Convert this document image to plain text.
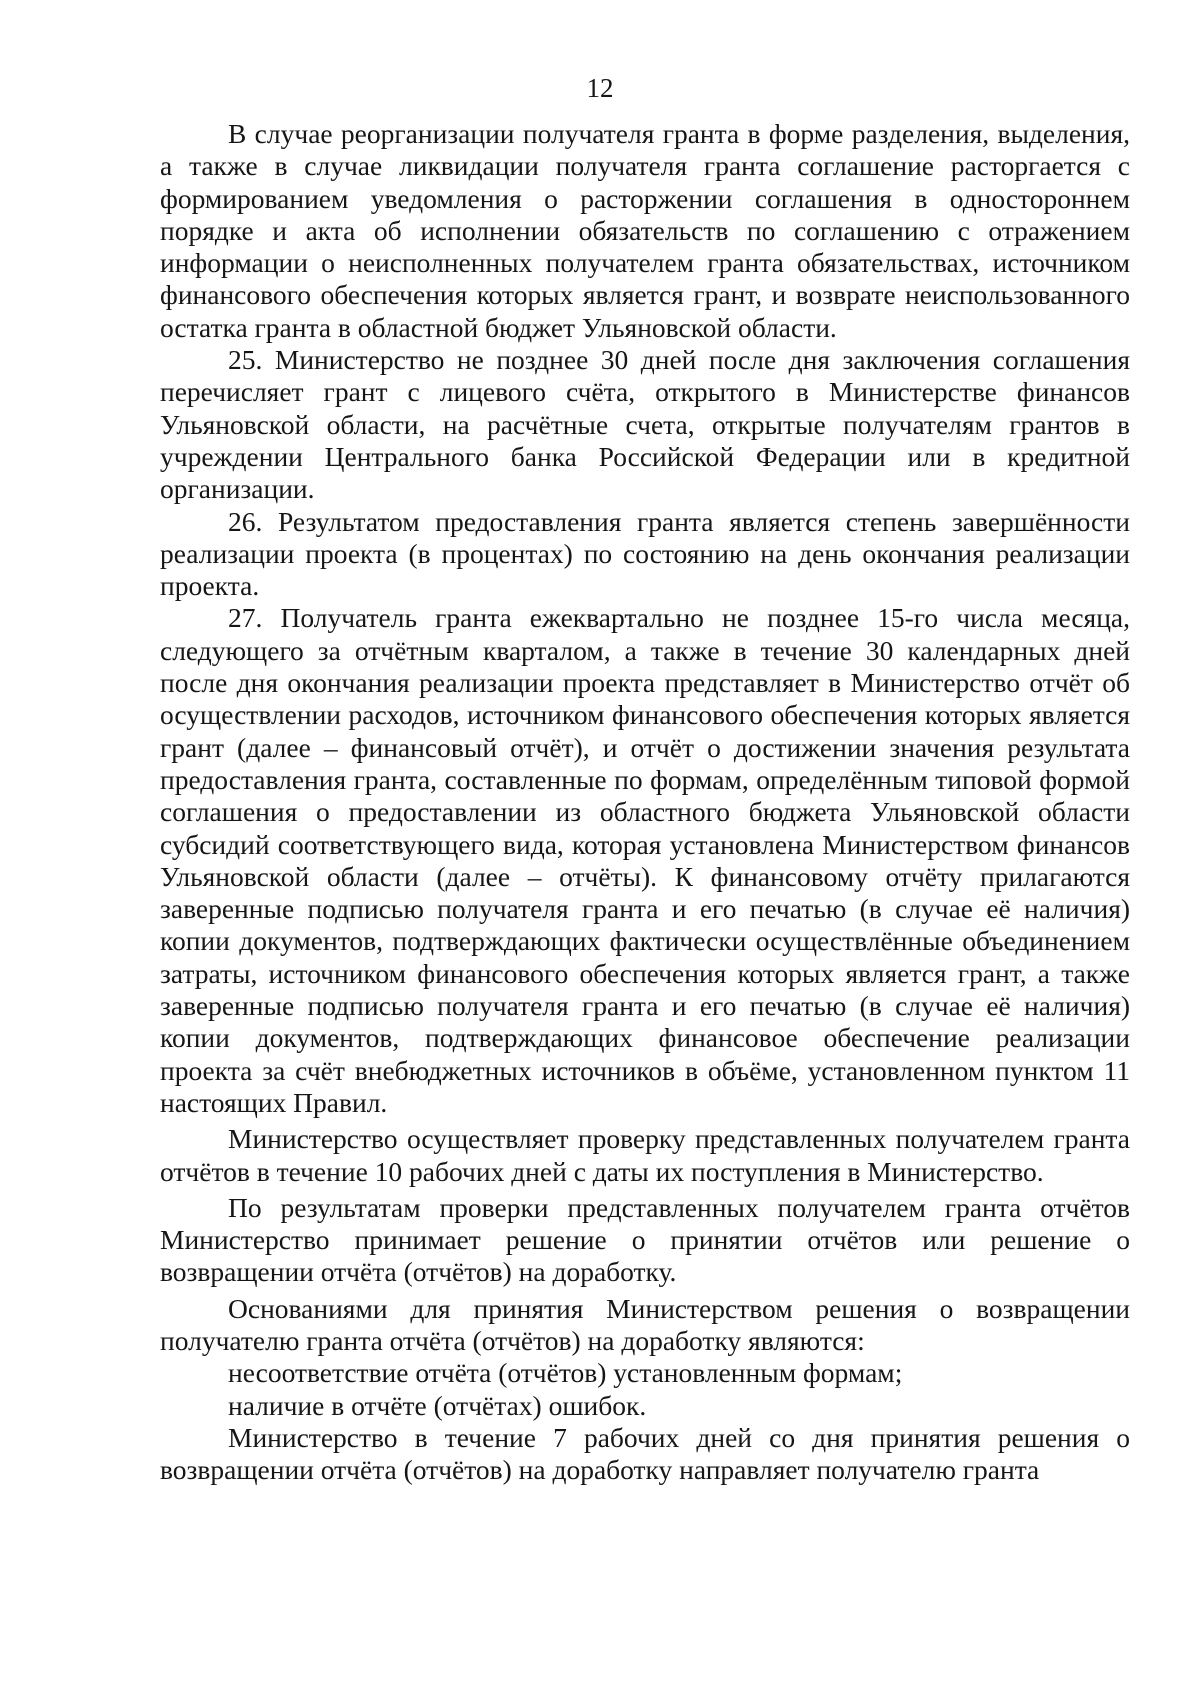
12

В случае реорганизации получателя гранта в форме разделения, выделения, а также в случае ликвидации получателя гранта соглашение расторгается с формированием уведомления о расторжении соглашения в одностороннем порядке и акта об исполнении обязательств по соглашению с отражением информации о неисполненных получателем гранта обязательствах, источником финансового обеспечения которых является грант, и возврате неиспользованного остатка гранта в областной бюджет Ульяновской области.

25. Министерство не позднее 30 дней после дня заключения соглашения перечисляет грант с лицевого счёта, открытого в Министерстве финансов Ульяновской области, на расчётные счета, открытые получателям грантов в учреждении Центрального банка Российской Федерации или в кредитной организации.

26. Результатом предоставления гранта является степень завершённости реализации проекта (в процентах) по состоянию на день окончания реализации проекта.

27. Получатель гранта ежеквартально не позднее 15-го числа месяца, следующего за отчётным кварталом, а также в течение 30 календарных дней после дня окончания реализации проекта представляет в Министерство отчёт об осуществлении расходов, источником финансового обеспечения которых является грант (далее – финансовый отчёт), и отчёт о достижении значения результата предоставления гранта, составленные по формам, определённым типовой формой соглашения о предоставлении из областного бюджета Ульяновской области субсидий соответствующего вида, которая установлена Министерством финансов Ульяновской области (далее – отчёты). К финансовому отчёту прилагаются заверенные подписью получателя гранта и его печатью (в случае её наличия) копии документов, подтверждающих фактически осуществлённые объединением затраты, источником финансового обеспечения которых является грант, а также заверенные подписью получателя гранта и его печатью (в случае её наличия) копии документов, подтверждающих финансовое обеспечение реализации проекта за счёт внебюджетных источников в объёме, установленном пунктом 11 настоящих Правил.

Министерство осуществляет проверку представленных получателем гранта отчётов в течение 10 рабочих дней с даты их поступления в Министерство.

По результатам проверки представленных получателем гранта отчётов Министерство принимает решение о принятии отчётов или решение о возвращении отчёта (отчётов) на доработку.

Основаниями для принятия Министерством решения о возвращении получателю гранта отчёта (отчётов) на доработку являются:

несоответствие отчёта (отчётов) установленным формам;

наличие в отчёте (отчётах) ошибок.

Министерство в течение 7 рабочих дней со дня принятия решения о возвращении отчёта (отчётов) на доработку направляет получателю гранта
